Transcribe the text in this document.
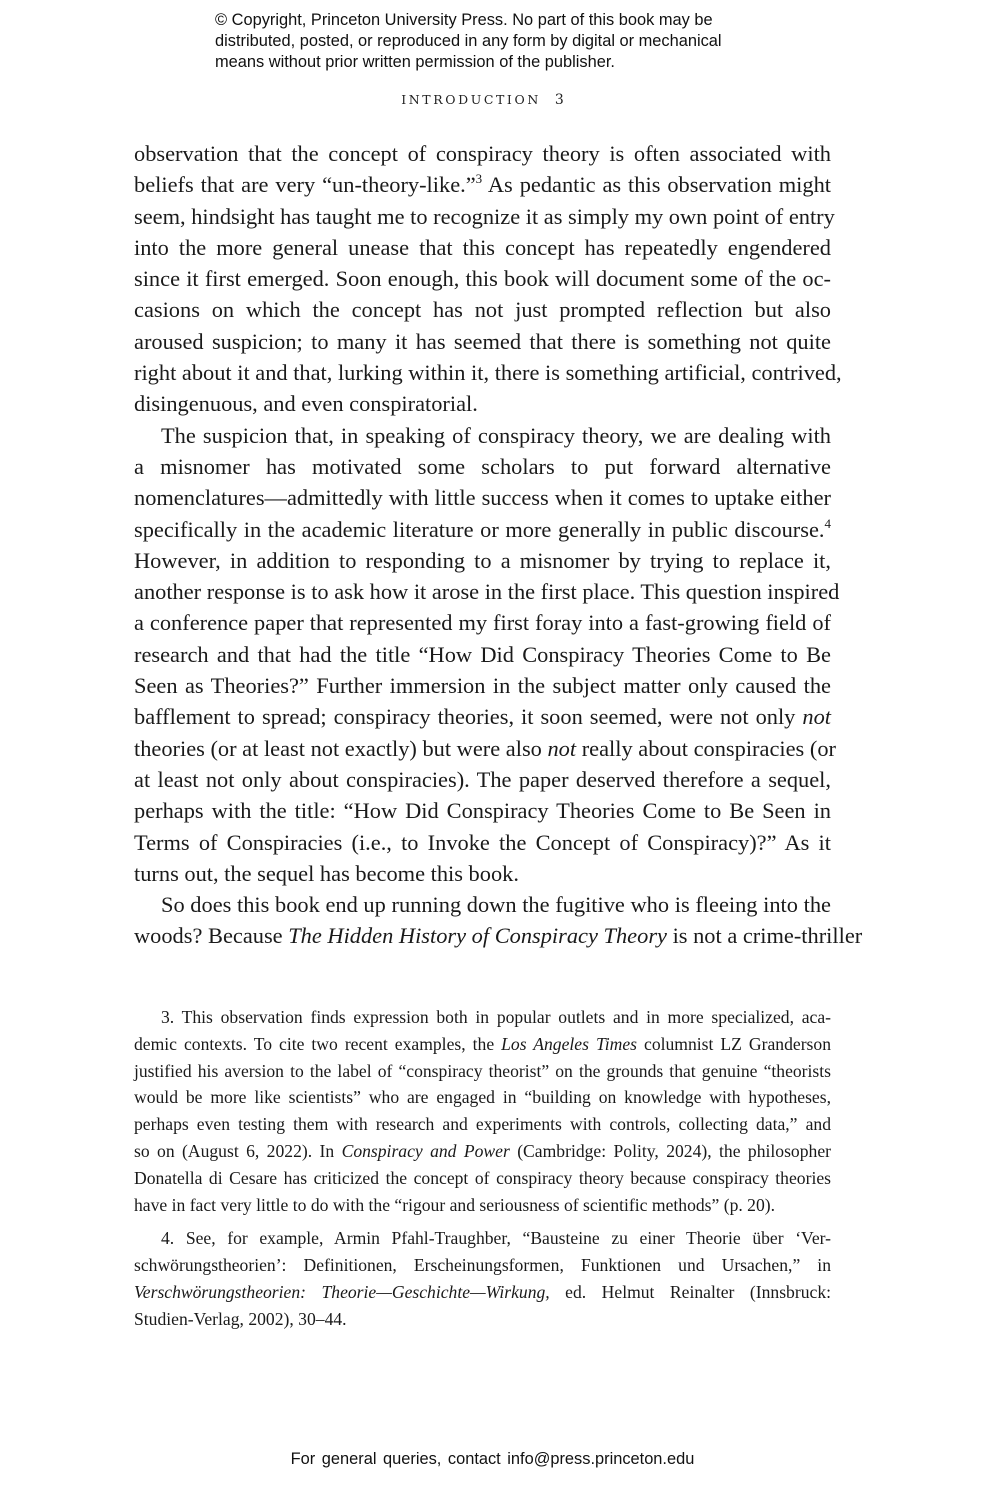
© Copyright, Princeton University Press. No part of this book may be
distributed, posted, or reproduced in any form by digital or mechanical
means without prior written permission of the publisher.
INTRODUCTION 3
observation that the concept of conspiracy theory is often associated with
beliefs that are very “un-theory-like.”$^3$ As pedantic as this observation might
seem, hindsight has taught me to recognize it as simply my own point of entry
into the more general unease that this concept has repeatedly engendered
since it first emerged. Soon enough, this book will document some of the oc-
casions on which the concept has not just prompted reflection but also
aroused suspicion; to many it has seemed that there is something not quite
right about it and that, lurking within it, there is something artificial, contrived,
disingenuous, and even conspiratorial.
The suspicion that, in speaking of conspiracy theory, we are dealing with
a misnomer has motivated some scholars to put forward alternative
nomenclatures—admittedly with little success when it comes to uptake either
specifically in the academic literature or more generally in public discourse.$^4$
However, in addition to responding to a misnomer by trying to replace it,
another response is to ask how it arose in the first place. This question inspired
a conference paper that represented my first foray into a fast-growing field of
research and that had the title “How Did Conspiracy Theories Come to Be
Seen as Theories?” Further immersion in the subject matter only caused the
bafflement to spread; conspiracy theories, it soon seemed, were not only not
theories (or at least not exactly) but were also not really about conspiracies (or
at least not only about conspiracies). The paper deserved therefore a sequel,
perhaps with the title: “How Did Conspiracy Theories Come to Be Seen in
Terms of Conspiracies (i.e., to Invoke the Concept of Conspiracy)?” As it
turns out, the sequel has become this book.
So does this book end up running down the fugitive who is fleeing into the
woods? Because The Hidden History of Conspiracy Theory is not a crime-thriller
3. This observation finds expression both in popular outlets and in more specialized, aca-
demic contexts. To cite two recent examples, the Los Angeles Times columnist LZ Granderson
justified his aversion to the label of “conspiracy theorist” on the grounds that genuine “theorists
would be more like scientists” who are engaged in “building on knowledge with hypotheses,
perhaps even testing them with research and experiments with controls, collecting data,” and
so on (August 6, 2022). In Conspiracy and Power (Cambridge: Polity, 2024), the philosopher
Donatella di Cesare has criticized the concept of conspiracy theory because conspiracy theories
have in fact very little to do with the “rigour and seriousness of scientific methods” (p. 20).
4. See, for example, Armin Pfahl-Traughber, “Bausteine zu einer Theorie über ‘Ver-
schwörungstheorien’: Definitionen, Erscheinungsformen, Funktionen und Ursachen,” in
Verschwörungstheorien: Theorie—Geschichte—Wirkung, ed. Helmut Reinalter (Innsbruck:
Studien-Verlag, 2002), 30–44.
For general queries, contact info@press.princeton.edu
